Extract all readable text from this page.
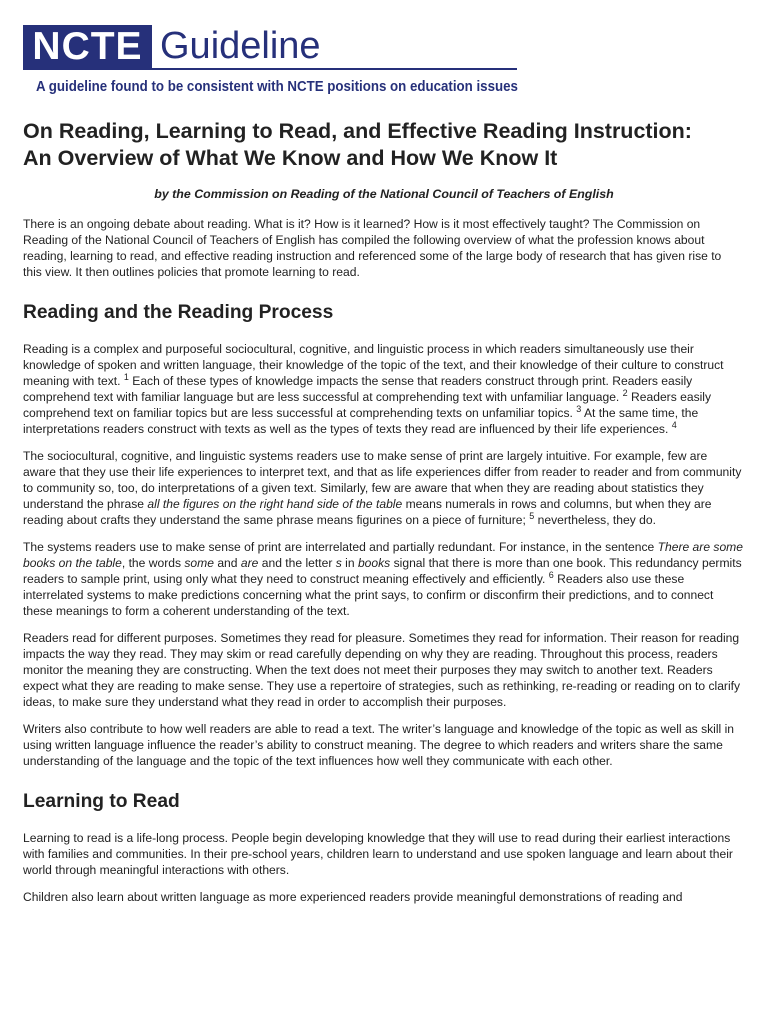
NCTE Guideline
A guideline found to be consistent with NCTE positions on education issues
On Reading, Learning to Read, and Effective Reading Instruction:
An Overview of What We Know and How We Know It

by the Commission on Reading of the National Council of Teachers of English

There is an ongoing debate about reading. What is it? How is it learned? How is it most effectively taught? The Commission on Reading of the National Council of Teachers of English has compiled the following overview of what the profession knows about reading, learning to read, and effective reading instruction and referenced some of the large body of research that has given rise to this view. It then outlines policies that promote learning to read.

Reading and the Reading Process

Reading is a complex and purposeful sociocultural, cognitive, and linguistic process in which readers simultaneously use their knowledge of spoken and written language, their knowledge of the topic of the text, and their knowledge of their culture to construct meaning with text. $^1$ Each of these types of knowledge impacts the sense that readers construct through print. Readers easily comprehend text with familiar language but are less successful at comprehending text with unfamiliar language. $^2$ Readers easily comprehend text on familiar topics but are less successful at comprehending texts on unfamiliar topics. $^3$ At the same time, the interpretations readers construct with texts as well as the types of texts they read are influenced by their life experiences. $^4$

The sociocultural, cognitive, and linguistic systems readers use to make sense of print are largely intuitive. For example, few are aware that they use their life experiences to interpret text, and that as life experiences differ from reader to reader and from community to community so, too, do interpretations of a given text. Similarly, few are aware that when they are reading about statistics they understand the phrase all the figures on the right hand side of the table means numerals in rows and columns, but when they are reading about crafts they understand the same phrase means figurines on a piece of furniture; $^5$ nevertheless, they do.

The systems readers use to make sense of print are interrelated and partially redundant. For instance, in the sentence There are some books on the table, the words some and are and the letter s in books signal that there is more than one book. This redundancy permits readers to sample print, using only what they need to construct meaning effectively and efficiently. $^6$ Readers also use these interrelated systems to make predictions concerning what the print says, to confirm or disconfirm their predictions, and to connect these meanings to form a coherent understanding of the text.

Readers read for different purposes. Sometimes they read for pleasure. Sometimes they read for information. Their reason for reading impacts the way they read. They may skim or read carefully depending on why they are reading. Throughout this process, readers monitor the meaning they are constructing. When the text does not meet their purposes they may switch to another text. Readers expect what they are reading to make sense. They use a repertoire of strategies, such as rethinking, re-reading or reading on to clarify ideas, to make sure they understand what they read in order to accomplish their purposes.

Writers also contribute to how well readers are able to read a text. The writer’s language and knowledge of the topic as well as skill in using written language influence the reader’s ability to construct meaning. The degree to which readers and writers share the same understanding of the language and the topic of the text influences how well they communicate with each other.

Learning to Read

Learning to read is a life-long process. People begin developing knowledge that they will use to read during their earliest interactions with families and communities. In their pre-school years, children learn to understand and use spoken language and learn about their world through meaningful interactions with others.

Children also learn about written language as more experienced readers provide meaningful demonstrations of reading and
